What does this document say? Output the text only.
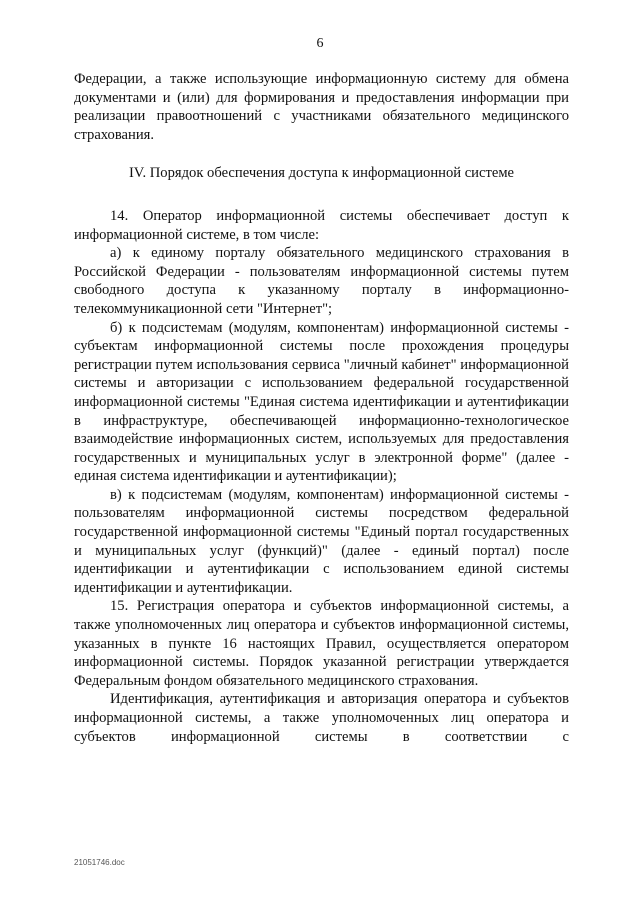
6

Федерации, а также использующие информационную систему для обмена документами и (или) для формирования и предоставления информации при реализации правоотношений с участниками обязательного медицинского страхования.

IV. Порядок обеспечения доступа к информационной системе

14. Оператор информационной системы обеспечивает доступ к информационной системе, в том числе:

а) к единому порталу обязательного медицинского страхования в Российской Федерации - пользователям информационной системы путем свободного доступа к указанному порталу в информационно-телекоммуникационной сети "Интернет";

б) к подсистемам (модулям, компонентам) информационной системы - субъектам информационной системы после прохождения процедуры регистрации путем использования сервиса "личный кабинет" информационной системы и авторизации с использованием федеральной государственной информационной системы "Единая система идентификации и аутентификации в инфраструктуре, обеспечивающей информационно-технологическое взаимодействие информационных систем, используемых для предоставления государственных и муниципальных услуг в электронной форме" (далее - единая система идентификации и аутентификации);

в) к подсистемам (модулям, компонентам) информационной системы - пользователям информационной системы посредством федеральной государственной информационной системы "Единый портал государственных и муниципальных услуг (функций)" (далее - единый портал) после идентификации и аутентификации с использованием единой системы идентификации и аутентификации.

15. Регистрация оператора и субъектов информационной системы, а также уполномоченных лиц оператора и субъектов информационной системы, указанных в пункте 16 настоящих Правил, осуществляется оператором информационной системы. Порядок указанной регистрации утверждается Федеральным фондом обязательного медицинского страхования.

Идентификация, аутентификация и авторизация оператора и субъектов информационной системы, а также уполномоченных лиц оператора и субъектов информационной системы в соответствии с

21051746.doc
